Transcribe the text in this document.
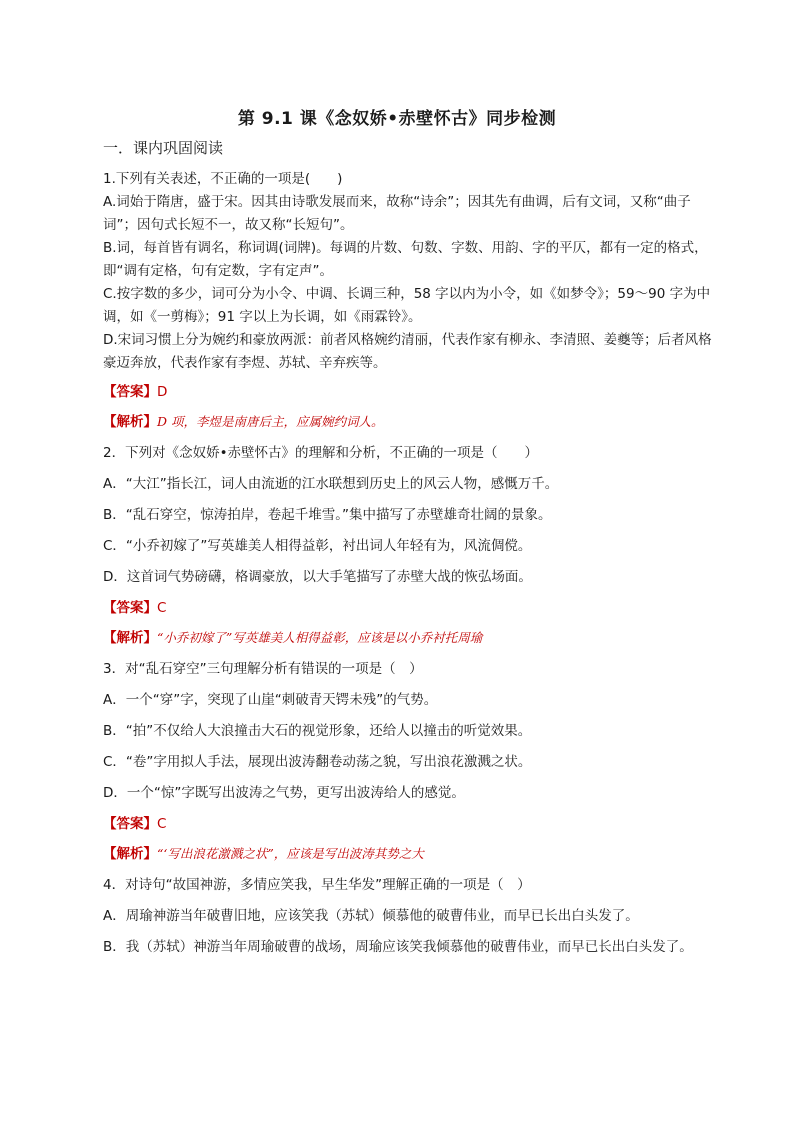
第 9.1 课《念奴娇•赤壁怀古》同步检测
一．课内巩固阅读

1.下列有关表述，不正确的一项是(　　)

A.词始于隋唐，盛于宋。因其由诗歌发展而来，故称“诗余”；因其先有曲调，后有文词，又称“曲子词”；因句式长短不一，故又称“长短句”。

B.词，每首皆有调名，称词调(词牌)。每调的片数、句数、字数、用韵、字的平仄，都有一定的格式，即“调有定格，句有定数，字有定声”。

C.按字数的多少，词可分为小令、中调、长调三种，58 字以内为小令，如《如梦令》；59～90 字为中调，如《一剪梅》；91 字以上为长调，如《雨霖铃》。

D.宋词习惯上分为婉约和豪放两派：前者风格婉约清丽，代表作家有柳永、李清照、姜夔等；后者风格豪迈奔放，代表作家有李煜、苏轼、辛弃疾等。

【答案】D

【解析】D 项，李煜是南唐后主，应属婉约词人。

2．下列对《念奴娇•赤壁怀古》的理解和分析，不正确的一项是（　　）

A．“大江”指长江，词人由流逝的江水联想到历史上的风云人物，感慨万千。

B．“乱石穿空，惊涛拍岸，卷起千堆雪。”集中描写了赤壁雄奇壮阔的景象。

C．“小乔初嫁了”写英雄美人相得益彰，衬出词人年轻有为，风流倜傥。

D．这首词气势磅礴，格调豪放，以大手笔描写了赤壁大战的恢弘场面。

【答案】C

【解析】“小乔初嫁了”写英雄美人相得益彰，应该是以小乔衬托周瑜

3．对“乱石穿空”三句理解分析有错误的一项是（　）

A．一个“穿”字，突现了山崖“刺破青天锷未残”的气势。

B．“拍”不仅给人大浪撞击大石的视觉形象，还给人以撞击的听觉效果。

C．“卷”字用拟人手法，展现出波涛翻卷动荡之貌，写出浪花激溅之状。

D．一个“惊”字既写出波涛之气势，更写出波涛给人的感觉。

【答案】C

【解析】“‘写出浪花激溅之状”，应该是写出波涛其势之大

4．对诗句“故国神游，多情应笑我，早生华发”理解正确的一项是（　）

A．周瑜神游当年破曹旧地，应该笑我（苏轼）倾慕他的破曹伟业，而早已长出白头发了。

B．我（苏轼）神游当年周瑜破曹的战场，周瑜应该笑我倾慕他的破曹伟业，而早已长出白头发了。
